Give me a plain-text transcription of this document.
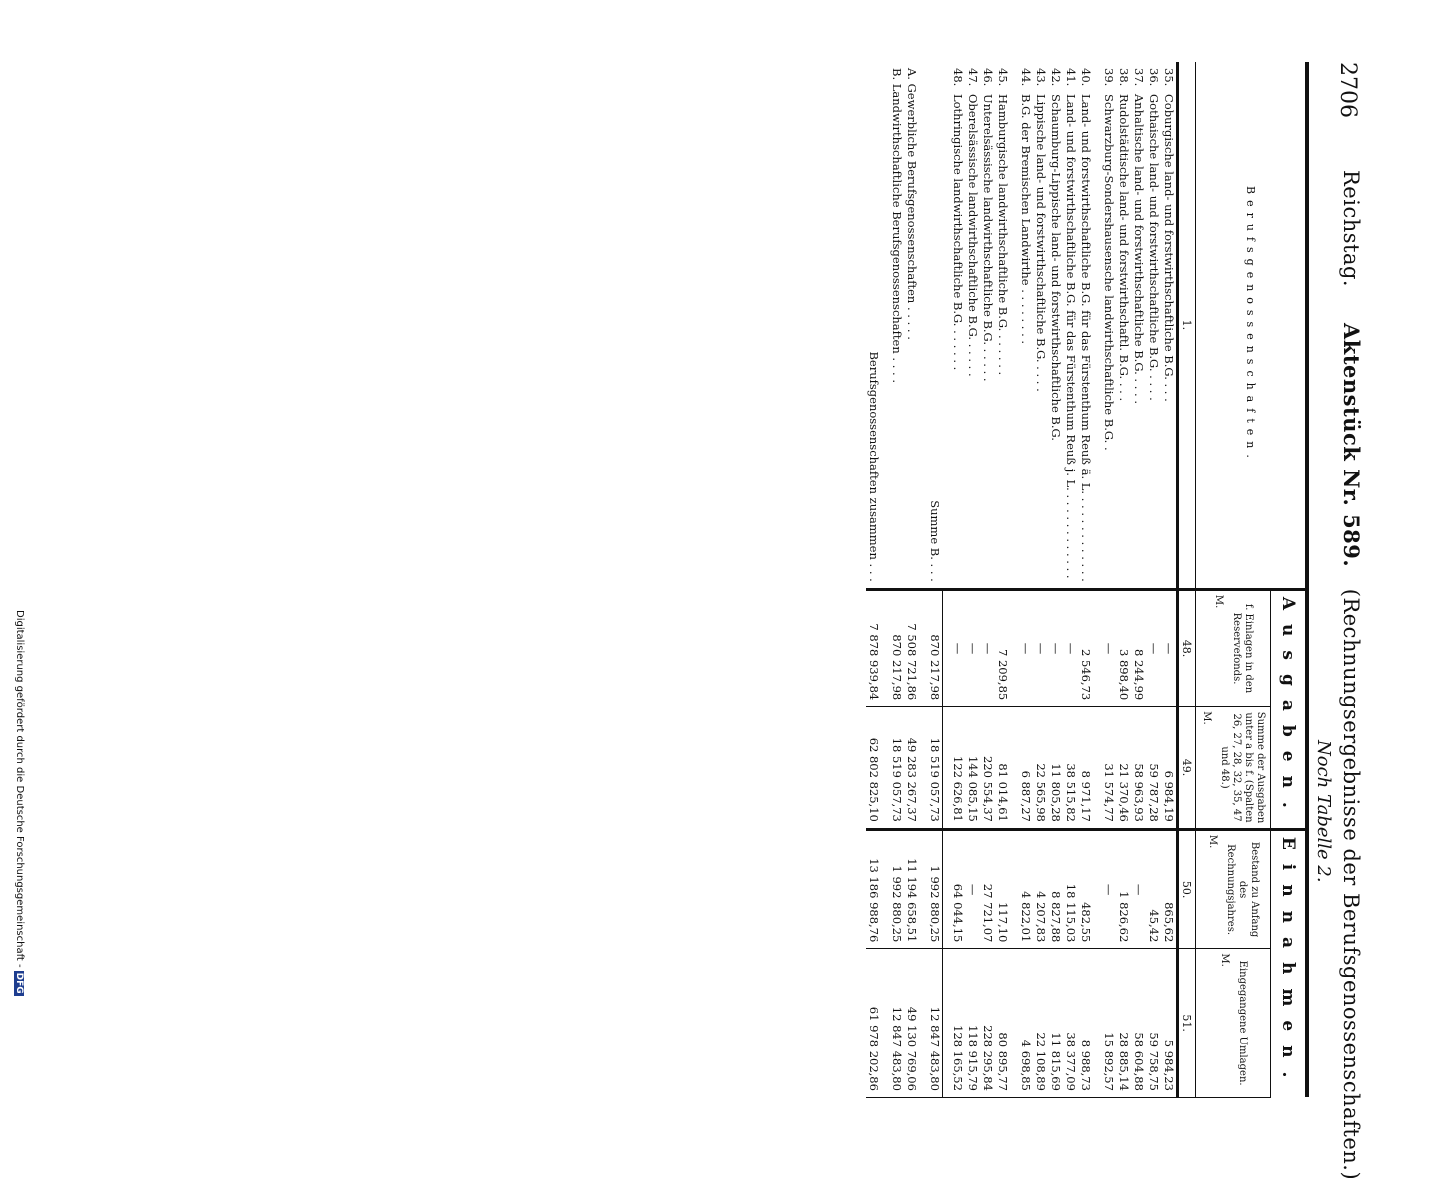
2706
Reichstag.     Aktenstück Nr. 589.   (Rechnungsergebnisse der Berufsgenossenschaften.)
Noch Tabelle 2.
Berufsgenossenschaften.	Ausgaben.		Einnahmen.	
	f. Einlagen in den Reservefonds.
M.	Summe der Ausgaben unter a bis f. (Spalten 26, 27, 28, 32, 35, 47 und 48.)
M.	Bestand zu Anfang des Rechnungsjahres.
M.	Eingegangene Umlagen.
M.

1.	48.	49.	50.	51.
35.Coburgische land- und forstwirthschaftliche B.G. . . .	—	6 984,19	865,62	5 984,23
36.Gothaische land- und forstwirthschaftliche B.G. . . . .	—	59 787,28	45,42	59 758,75
37.Anhaltische land- und forstwirthschaftliche B.G. . . . .	8 244,99	58 963,93	—	58 604,88
38.Rudolstädtische land- und forstwirthschaftl. B.G. . . .	3 898,40	21 370,46	1 826,62	28 885,14
39.Schwarzburg-Sondershausensche landwirthschaftliche B.G. .	—	31 574,77	—	15 892,57

40.Land- und forstwirthschaftliche B.G. für das Fürstenthum Reuß ä. L. . . . . . . . . . . . .	2 546,73	8 971,17	482,55	8 988,73
41.Land- und forstwirthschaftliche B.G. für das Fürstenthum Reuß j. L. . . . . . . . . . . . .	—	38 515,82	18 115,03	38 377,09
42.Schaumburg-Lippische land- und forstwirthschaftliche B.G.	—	11 805,28	8 827,88	11 815,69
43.Lippische land- und forstwirthschaftliche B.G. . . . .	—	22 565,98	4 207,83	22 108,89
44.B.G. der Bremischen Landwirthe . . . . . . . .	—	6 887,27	4 822,01	4 698,85

45.Hamburgische landwirthschaftliche B.G. . . . . . .	7 209,85	81 014,61	117,10	80 895,77
46.Unterelsässische landwirthschaftliche B.G. . . . . .	—	220 554,37	27 721,07	228 295,84
47.Oberelsässische landwirthschaftliche B.G. . . . . .	—	144 085,15	—	118 915,79
48.Lothringische landwirthschaftliche B.G. . . . . . .	—	122 626,81	64 044,15	128 165,52

Summe B. . . .	870 217,98	18 519 057,73	1 992 880,25	12 847 483,80

A. Gewerbliche Berufsgenossenschaften . . . . .	7 508 721,86	49 283 267,37	11 194 658,51	49 130 769,06
B. Landwirthschaftliche Berufsgenossenschaften . . . .	870 217,98	18 519 057,73	1 992 880,25	12 847 483,80

Berufsgenossenschaften zusammen . . .	7 878 939,84	62 802 825,10	13 186 988,76	61 978 202,86
Digitalisierung gefördert durch die Deutsche Forschungsgemeinschaft -DFG
